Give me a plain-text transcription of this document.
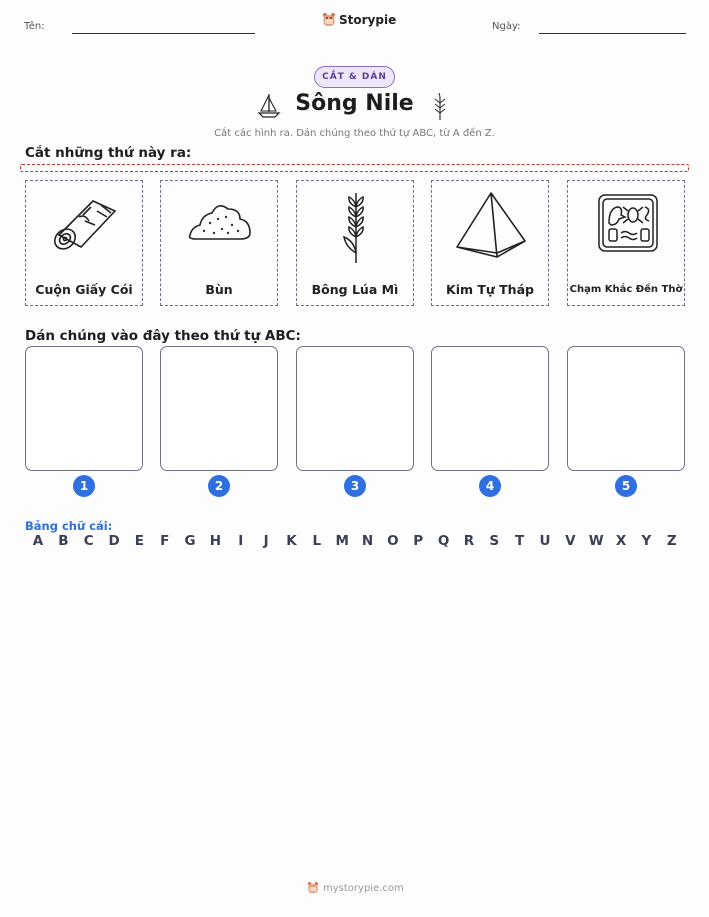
Tên:	Storypie	Ngày:
CẮT & DÁN
Sông Nile
Cắt các hình ra. Dán chúng theo thứ tự ABC, từ A đến Z.
Cắt những thứ này ra:
Cuộn Giấy Cói	Bùn	Bông Lúa Mì	Kim Tự Tháp	Chạm Khắc Đền Thờ
Dán chúng vào đây theo thứ tự ABC:
1	2	3	4	5
Bảng chữ cái:
A B C D E F G H	I	J	K L M N O P Q R S T U V W X Y Z
mystorypie.com
